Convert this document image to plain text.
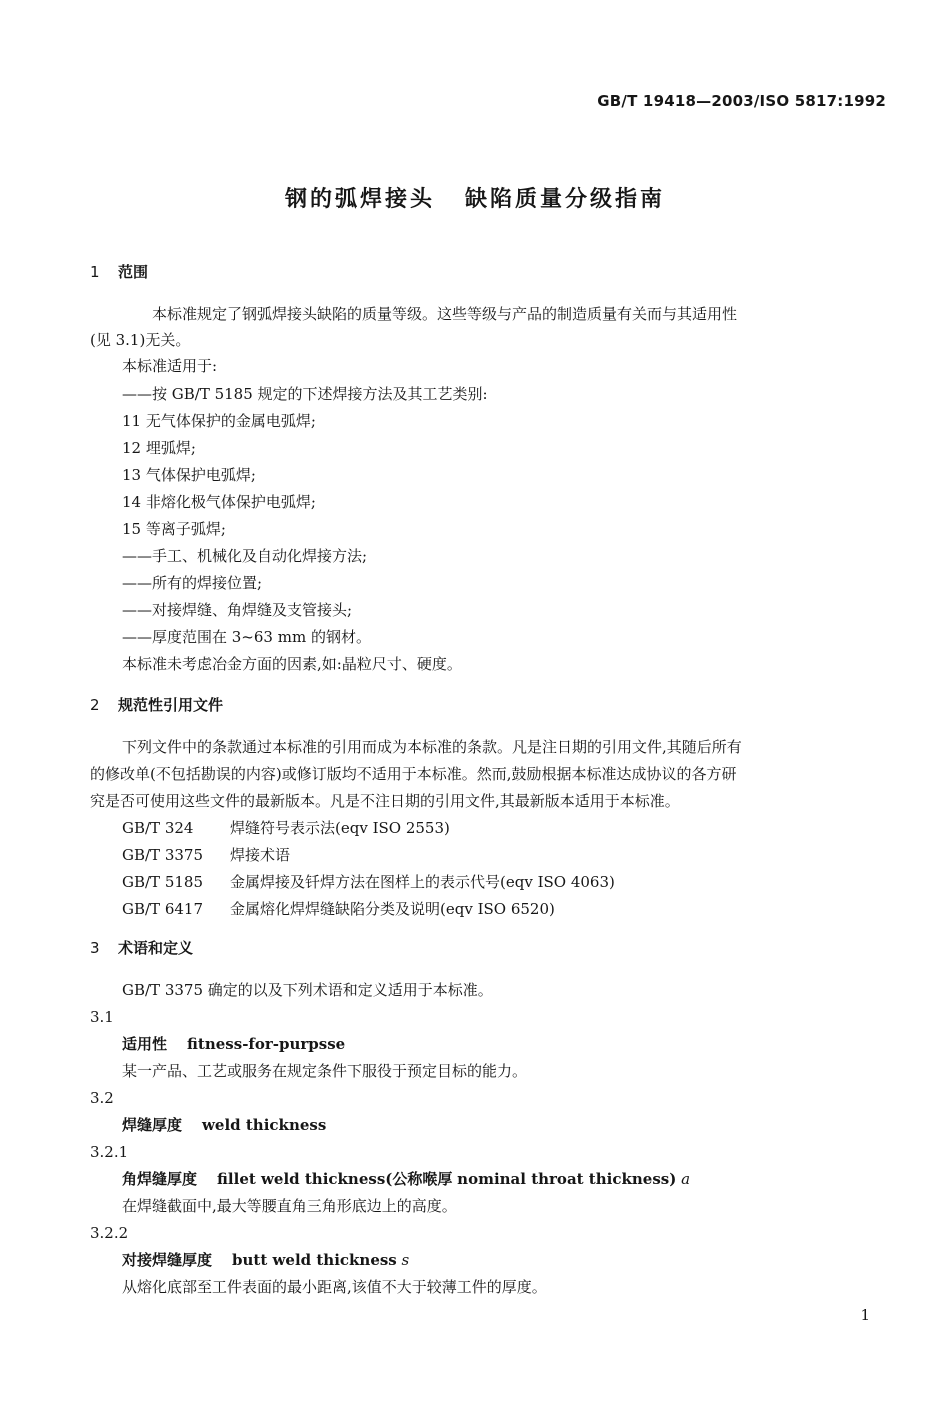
GB/T 19418—2003/ISO 5817:1992
钢的弧焊接头 缺陷质量分级指南
1 范围
本标准规定了钢弧焊接头缺陷的质量等级。这些等级与产品的制造质量有关而与其适用性
(见 3.1)无关。
本标准适用于:
——按 GB/T 5185 规定的下述焊接方法及其工艺类别:
11 无气体保护的金属电弧焊;
12 埋弧焊;
13 气体保护电弧焊;
14 非熔化极气体保护电弧焊;
15 等离子弧焊;
——手工、机械化及自动化焊接方法;
——所有的焊接位置;
——对接焊缝、角焊缝及支管接头;
——厚度范围在 3~63 mm 的钢材。
本标准未考虑冶金方面的因素,如:晶粒尺寸、硬度。
2 规范性引用文件
下列文件中的条款通过本标准的引用而成为本标准的条款。凡是注日期的引用文件,其随后所有
的修改单(不包括勘误的内容)或修订版均不适用于本标准。然而,鼓励根据本标准达成协议的各方研
究是否可使用这些文件的最新版本。凡是不注日期的引用文件,其最新版本适用于本标准。
GB/T 324 焊缝符号表示法(eqv ISO 2553)
GB/T 3375 焊接术语
GB/T 5185 金属焊接及钎焊方法在图样上的表示代号(eqv ISO 4063)
GB/T 6417 金属熔化焊焊缝缺陷分类及说明(eqv ISO 6520)
3 术语和定义
GB/T 3375 确定的以及下列术语和定义适用于本标准。
3.1
适用性 fitness-for-purpsse
某一产品、工艺或服务在规定条件下服役于预定目标的能力。
3.2
焊缝厚度 weld thickness
3.2.1
角焊缝厚度 fillet weld thickness(公称喉厚 nominal throat thickness) a
在焊缝截面中,最大等腰直角三角形底边上的高度。
3.2.2
对接焊缝厚度 butt weld thickness s
从熔化底部至工件表面的最小距离,该值不大于较薄工件的厚度。
1
